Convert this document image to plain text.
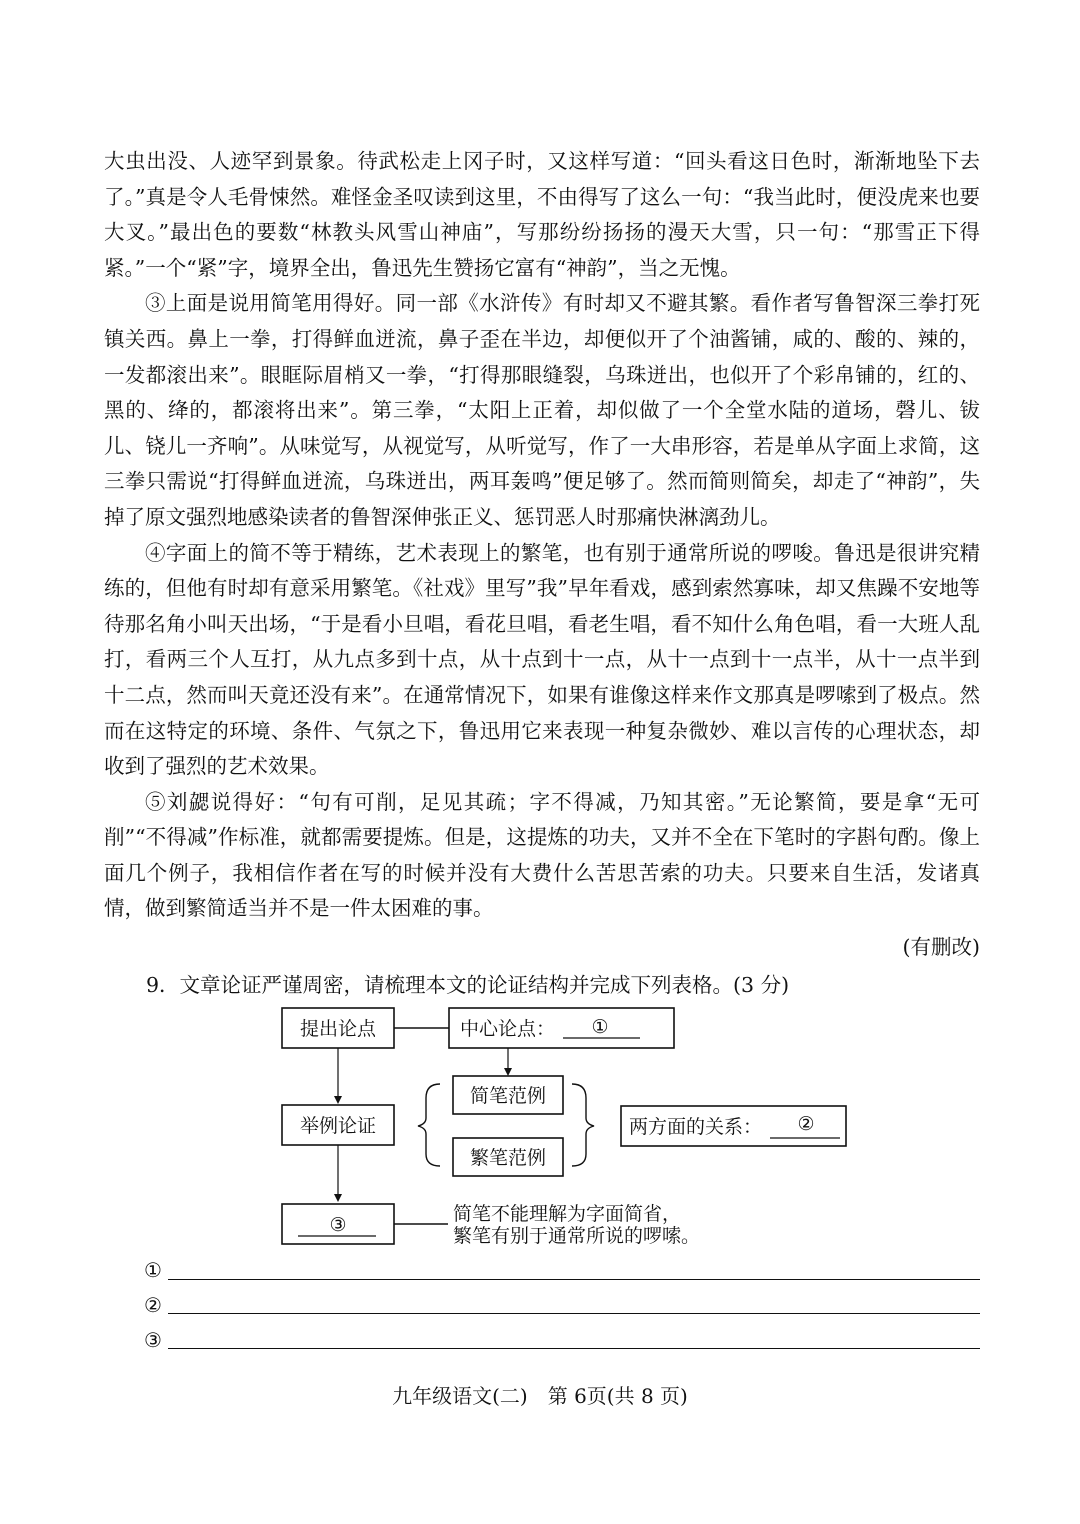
大虫出没、人迹罕到景象。待武松走上冈子时，又这样写道：“回头看这日色时，渐渐地坠下去了。”真是令人毛骨悚然。难怪金圣叹读到这里，不由得写了这么一句：“我当此时，便没虎来也要大叉。”最出色的要数“林教头风雪山神庙”，写那纷纷扬扬的漫天大雪，只一句：“那雪正下得紧。”一个“紧”字，境界全出，鲁迅先生赞扬它富有“神韵”，当之无愧。

③上面是说用简笔用得好。同一部《水浒传》有时却又不避其繁。看作者写鲁智深三拳打死镇关西。鼻上一拳，打得鲜血迸流，鼻子歪在半边，却便似开了个油酱铺，咸的、酸的、辣的，一发都滚出来”。眼眶际眉梢又一拳，“打得那眼缝裂，乌珠迸出，也似开了个彩帛铺的，红的、黑的、绛的，都滚将出来”。第三拳，“太阳上正着，却似做了一个全堂水陆的道场，磬儿、钹儿、铙儿一齐响”。从味觉写，从视觉写，从听觉写，作了一大串形容，若是单从字面上求简，这三拳只需说“打得鲜血迸流，乌珠迸出，两耳轰鸣”便足够了。然而简则简矣，却走了“神韵”，失掉了原文强烈地感染读者的鲁智深伸张正义、惩罚恶人时那痛快淋漓劲儿。

④字面上的简不等于精练，艺术表现上的繁笔，也有别于通常所说的啰唆。鲁迅是很讲究精练的，但他有时却有意采用繁笔。《社戏》里写”我”早年看戏，感到索然寡味，却又焦躁不安地等待那名角小叫天出场，“于是看小旦唱，看花旦唱，看老生唱，看不知什么角色唱，看一大班人乱打，看两三个人互打，从九点多到十点，从十点到十一点，从十一点到十一点半，从十一点半到十二点，然而叫天竟还没有来”。在通常情况下，如果有谁像这样来作文那真是啰嗦到了极点。然而在这特定的环境、条件、气氛之下，鲁迅用它来表现一种复杂微妙、难以言传的心理状态，却收到了强烈的艺术效果。

⑤刘勰说得好：“句有可削，足见其疏；字不得减，乃知其密。”无论繁简，要是拿“无可削”“不得减”作标准，就都需要提炼。但是，这提炼的功夫，又并不全在下笔时的字斟句酌。像上面几个例子，我相信作者在写的时候并没有大费什么苦思苦索的功夫。只要来自生活，发诸真情，做到繁简适当并不是一件太困难的事。

(有删改)
9．文章论证严谨周密，请梳理本文的论证结构并完成下列表格。(3 分)
提出论点	中心论点： ①
举例论证
简笔范例
繁笔范例
两方面的关系： ②
③	简笔不能理解为字面简省，
繁笔有别于通常所说的啰嗦。
①
②
③
九年级语文(二)　第 6页(共 8 页)
